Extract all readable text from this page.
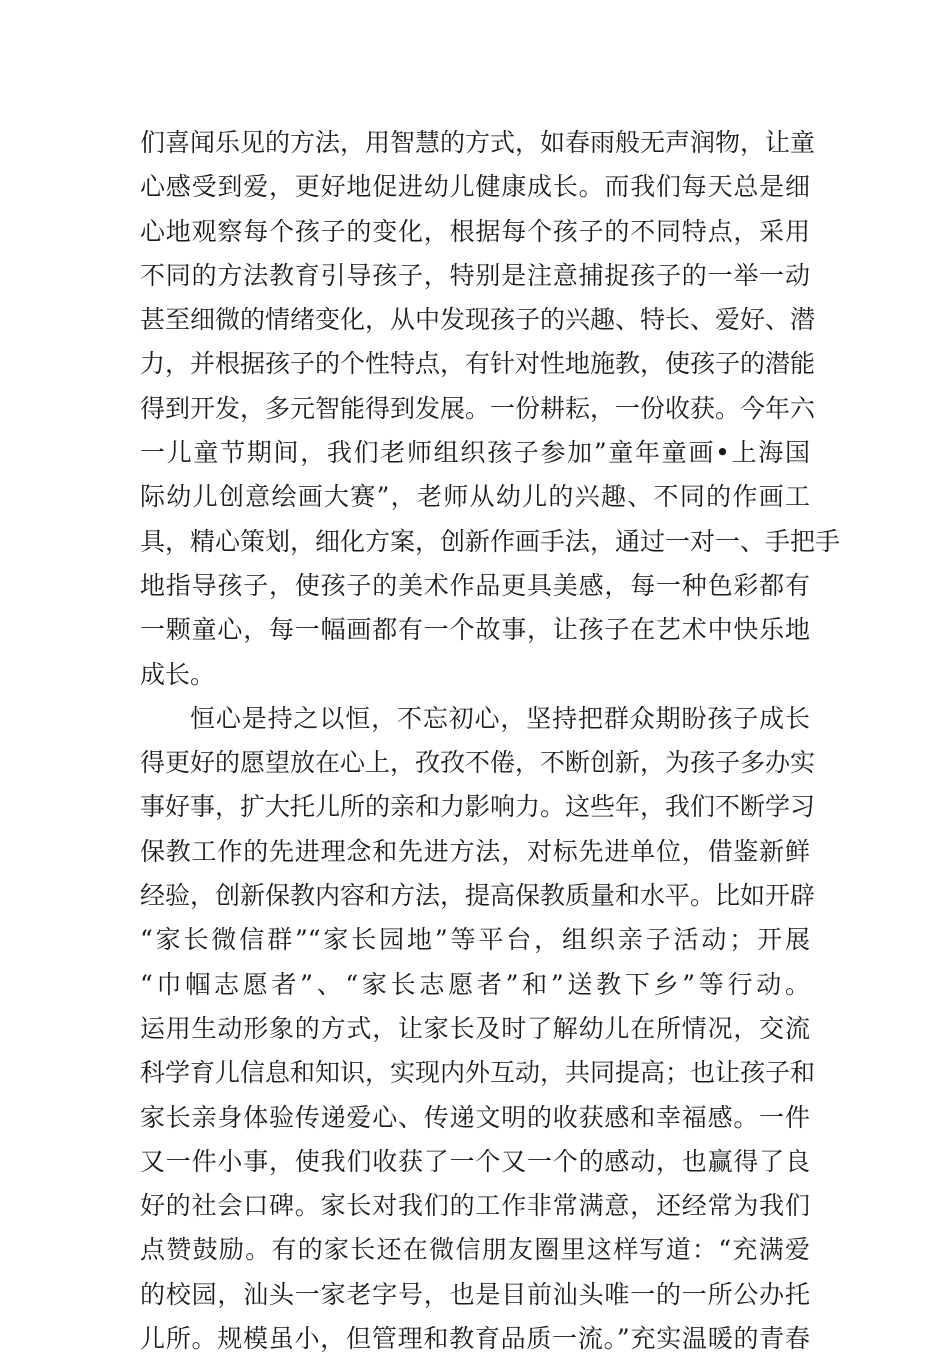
们喜闻乐见的方法，用智慧的方式，如春雨般无声润物，让童
心感受到爱，更好地促进幼儿健康成长。而我们每天总是细
心地观察每个孩子的变化，根据每个孩子的不同特点，采用
不同的方法教育引导孩子，特别是注意捕捉孩子的一举一动
甚至细微的情绪变化，从中发现孩子的兴趣、特长、爱好、潜
力，并根据孩子的个性特点，有针对性地施教，使孩子的潜能
得到开发，多元智能得到发展。一份耕耘，一份收获。今年六
一儿童节期间，我们老师组织孩子参加”童年童画•上海国
际幼儿创意绘画大赛”，老师从幼儿的兴趣、不同的作画工
具，精心策划，细化方案，创新作画手法，通过一对一、手把手
地指导孩子，使孩子的美术作品更具美感，每一种色彩都有
一颗童心，每一幅画都有一个故事，让孩子在艺术中快乐地
成长。
恒心是持之以恒，不忘初心，坚持把群众期盼孩子成长
得更好的愿望放在心上，孜孜不倦，不断创新，为孩子多办实
事好事，扩大托儿所的亲和力影响力。这些年，我们不断学习
保教工作的先进理念和先进方法，对标先进单位，借鉴新鲜
经验，创新保教内容和方法，提高保教质量和水平。比如开辟
“家长微信群”“家长园地”等平台，组织亲子活动；开展
“巾帼志愿者”、“家长志愿者”和”送教下乡”等行动。
运用生动形象的方式，让家长及时了解幼儿在所情况，交流
科学育儿信息和知识，实现内外互动，共同提高；也让孩子和
家长亲身体验传递爱心、传递文明的收获感和幸福感。一件
又一件小事，使我们收获了一个又一个的感动，也赢得了良
好的社会口碑。家长对我们的工作非常满意，还经常为我们
点赞鼓励。有的家长还在微信朋友圈里这样写道：“充满爱
的校园，汕头一家老字号，也是目前汕头唯一的一所公办托
儿所。规模虽小，但管理和教育品质一流。”充实温暖的青春
